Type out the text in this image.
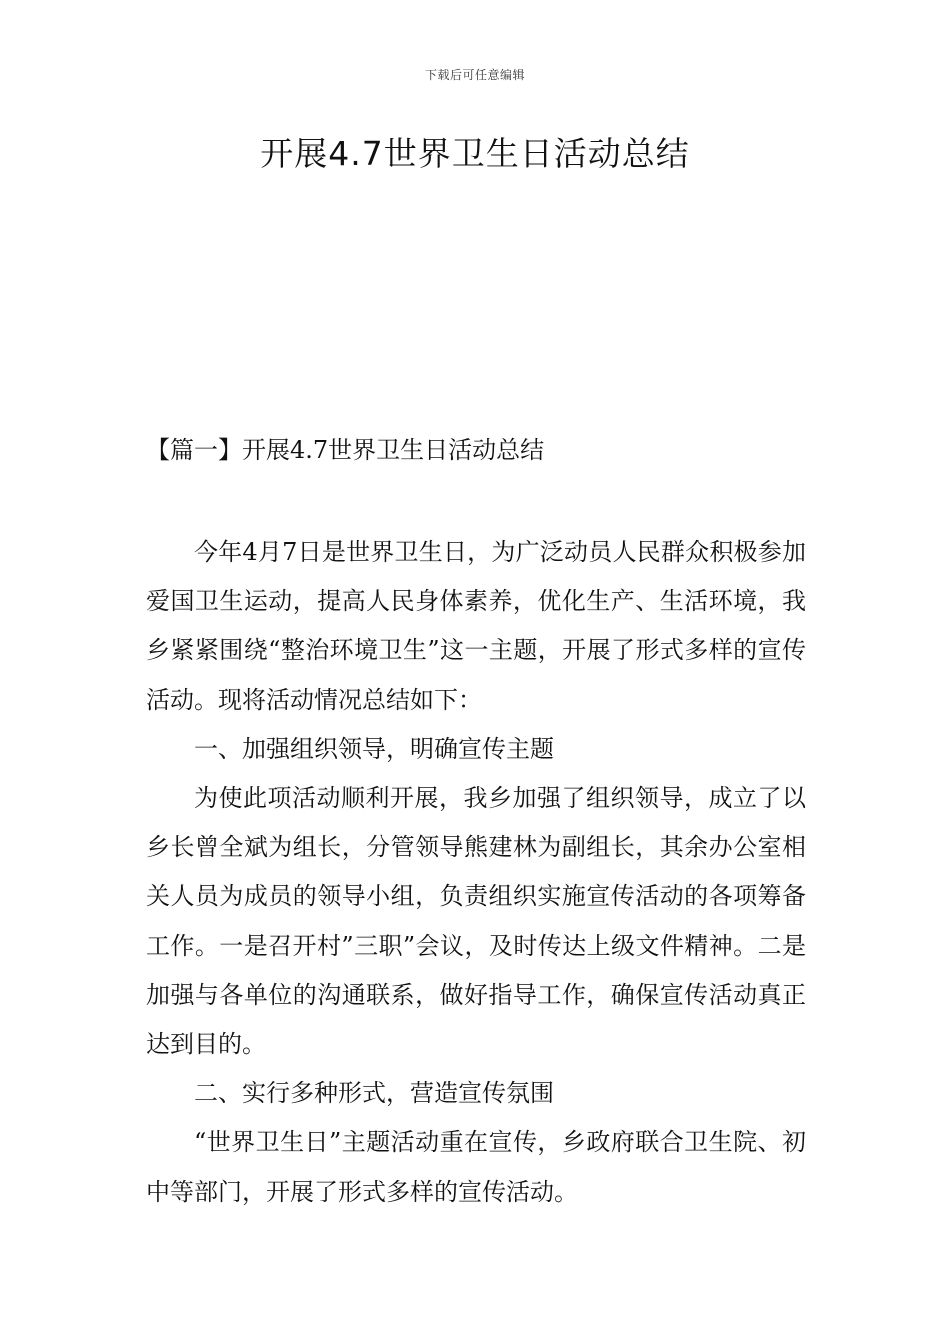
下载后可任意编辑
开展4.7世界卫生日活动总结
【篇一】开展4.7世界卫生日活动总结

今年4月7日是世界卫生日，为广泛动员人民群众积极参加爱国卫生运动，提高人民身体素养，优化生产、生活环境，我乡紧紧围绕“整治环境卫生”这一主题，开展了形式多样的宣传活动。现将活动情况总结如下：

一、加强组织领导，明确宣传主题

为使此项活动顺利开展，我乡加强了组织领导，成立了以乡长曾全斌为组长，分管领导熊建林为副组长，其余办公室相关人员为成员的领导小组，负责组织实施宣传活动的各项筹备工作。一是召开村”三职”会议，及时传达上级文件精神。二是加强与各单位的沟通联系，做好指导工作，确保宣传活动真正达到目的。

二、实行多种形式，营造宣传氛围

“世界卫生日”主题活动重在宣传，乡政府联合卫生院、初中等部门，开展了形式多样的宣传活动。
